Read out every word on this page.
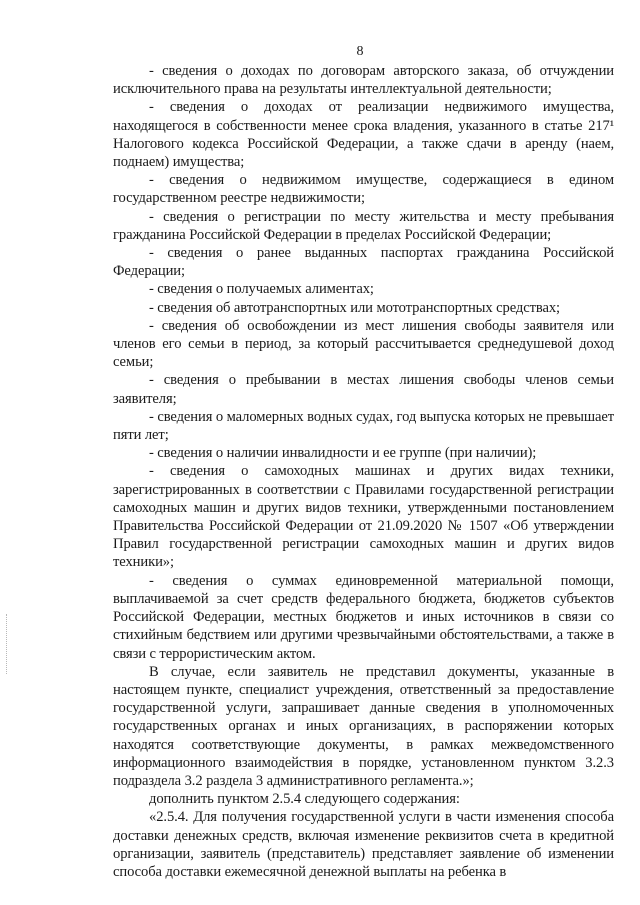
8

- сведения о доходах по договорам авторского заказа, об отчуждении исключительного права на результаты интеллектуальной деятельности;

- сведения о доходах от реализации недвижимого имущества, находящегося в собственности менее срока владения, указанного в статье 217¹ Налогового кодекса Российской Федерации, а также сдачи в аренду (наем, поднаем) имущества;

- сведения о недвижимом имуществе, содержащиеся в едином государственном реестре недвижимости;

- сведения о регистрации по месту жительства и месту пребывания гражданина Российской Федерации в пределах Российской Федерации;

- сведения о ранее выданных паспортах гражданина Российской Федерации;

- сведения о получаемых алиментах;

- сведения об автотранспортных или мототранспортных средствах;

- сведения об освобождении из мест лишения свободы заявителя или членов его семьи в период, за который рассчитывается среднедушевой доход семьи;

- сведения о пребывании в местах лишения свободы членов семьи заявителя;

- сведения о маломерных водных судах, год выпуска которых не превышает пяти лет;

- сведения о наличии инвалидности и ее группе (при наличии);

- сведения о самоходных машинах и других видах техники, зарегистрированных в соответствии с Правилами государственной регистрации самоходных машин и других видов техники, утвержденными постановлением Правительства Российской Федерации от 21.09.2020 № 1507 «Об утверждении Правил государственной регистрации самоходных машин и других видов техники»;

- сведения о суммах единовременной материальной помощи, выплачиваемой за счет средств федерального бюджета, бюджетов субъектов Российской Федерации, местных бюджетов и иных источников в связи со стихийным бедствием или другими чрезвычайными обстоятельствами, а также в связи с террористическим актом.

В случае, если заявитель не представил документы, указанные в настоящем пункте, специалист учреждения, ответственный за предоставление государственной услуги, запрашивает данные сведения в уполномоченных государственных органах и иных организациях, в распоряжении которых находятся соответствующие документы, в рамках межведомственного информационного взаимодействия в порядке, установленном пунктом 3.2.3 подраздела 3.2 раздела 3 административного регламента.»;

дополнить пунктом 2.5.4 следующего содержания:

«2.5.4. Для получения государственной услуги в части изменения способа доставки денежных средств, включая изменение реквизитов счета в кредитной организации, заявитель (представитель) представляет заявление об изменении способа доставки ежемесячной денежной выплаты на ребенка в
